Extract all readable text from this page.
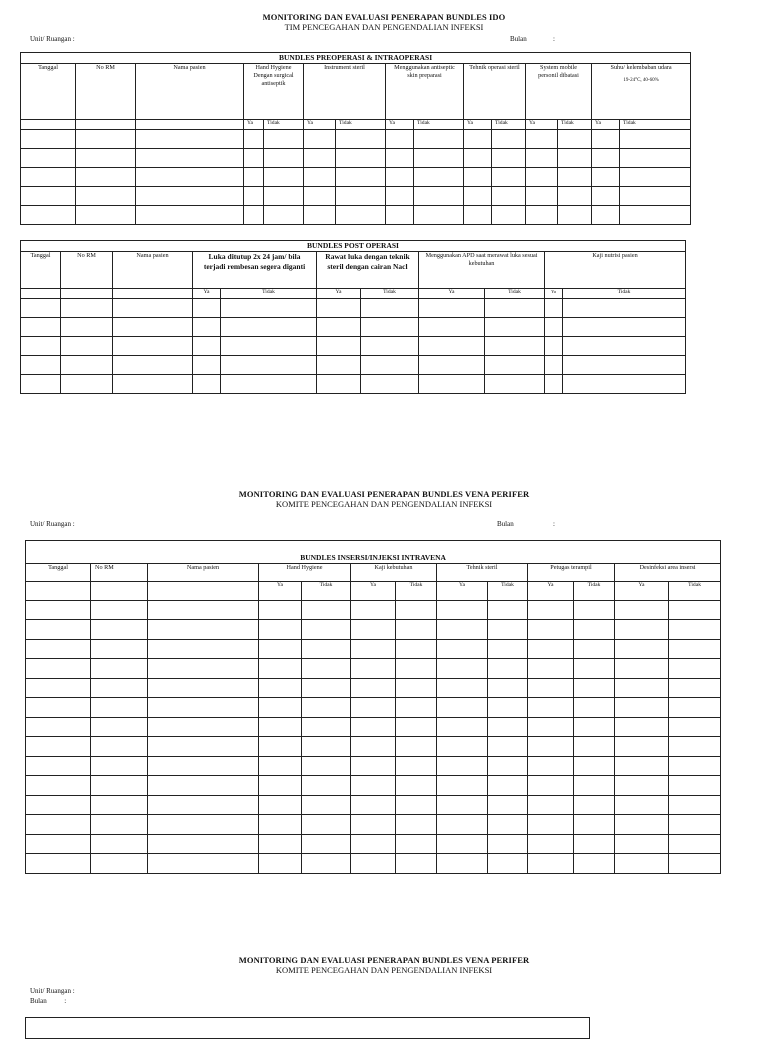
MONITORING DAN EVALUASI PENERAPAN BUNDLES IDO
TIM PENCEGAHAN DAN PENGENDALIAN INFEKSI
Unit/ Ruangan :	Bulan	:
BUNDLES PREOPERASI & INTRAOPERASI														
Tanggal	No RM	Nama pasien	Hand Hygiene Dengan surgical antiseptik		Instrument steril		Menggunakan antiseptic skin preparasi		Tehnik operasi steril		System mobile personil dibatasi		Suhu/ kelembaban udara
19-24°C, 40-60%	

			Ya	Tidak	Ya	Tidak	Ya	Tidak	Ya	Tidak	Ya	Tidak	Ya	Tidak

BUNDLES POST OPERASI										
Tanggal	No RM	Nama pasien	Luka ditutup 2x 24 jam/ bila terjadi rembesan segera diganti		Rawat luka dengan teknik steril dengan cairan Nacl		Menggunakan APD saat merawat luka sesuai kebutuhan		Kaji nutrisi pasien	
			Ya	Tidak	Ya	Tidak	Ya	Tidak	Ya	Tidak

MONITORING DAN EVALUASI PENERAPAN BUNDLES VENA PERIFER
KOMITE PENCEGAHAN DAN PENGENDALIAN INFEKSI
Unit/ Ruangan :	Bulan	:

BUNDLES INSERSI/INJEKSI INTRAVENA												
Tanggal	No RM	Nama pasien	Hand Hygiene		Kaji kebutuhan		Tehnik steril		Petugas terampil		Desinfeksi area insersi	
			Ya	Tidak	Ya	Tidak	Ya	Tidak	Ya	Tidak	Ya	Tidak

MONITORING DAN EVALUASI PENERAPAN BUNDLES VENA PERIFER
KOMITE PENCEGAHAN DAN PENGENDALIAN INFEKSI
Unit/ Ruangan :
Bulan          :
